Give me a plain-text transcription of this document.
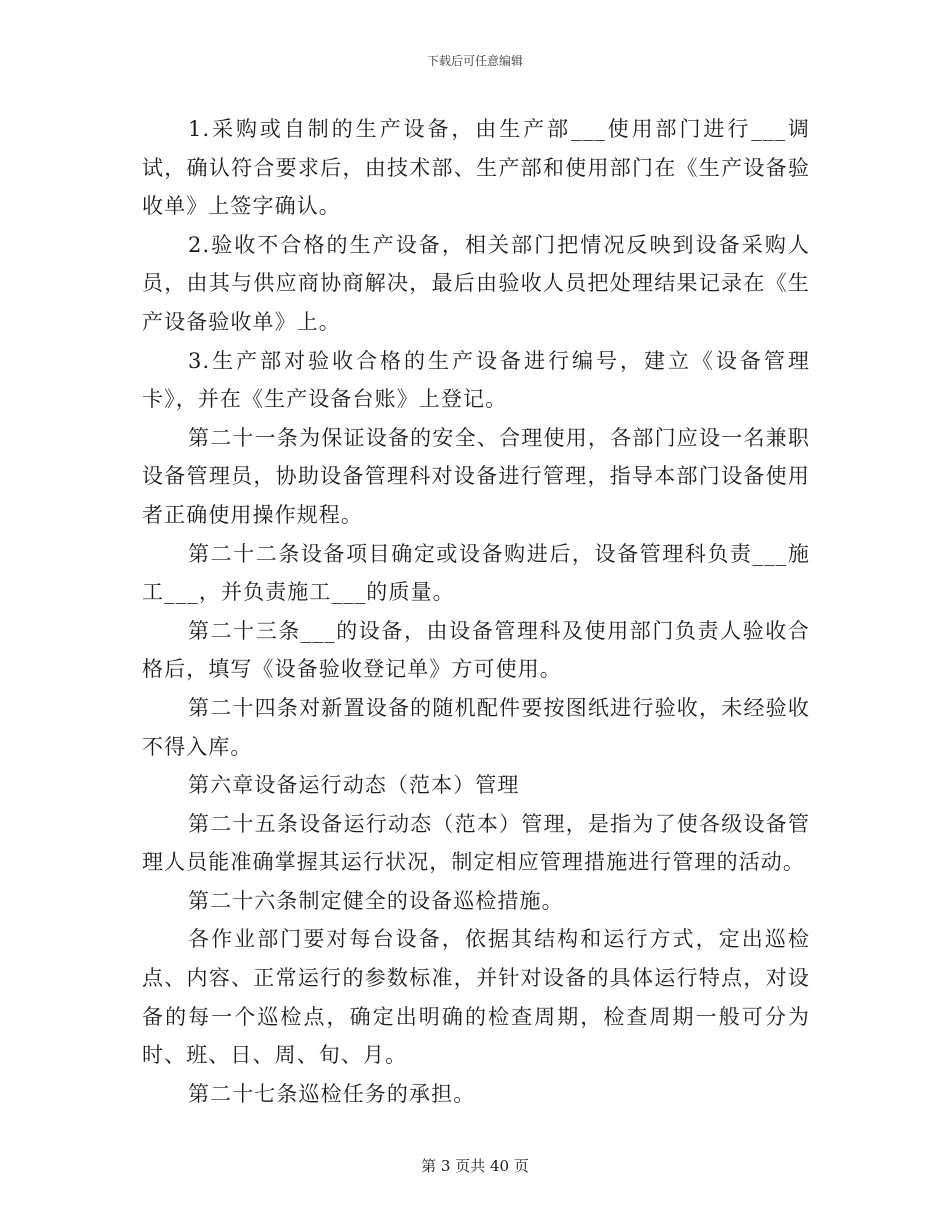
下载后可任意编辑

1.采购或自制的生产设备，由生产部___使用部门进行___调试，确认符合要求后，由技术部、生产部和使用部门在《生产设备验收单》上签字确认。

2.验收不合格的生产设备，相关部门把情况反映到设备采购人员，由其与供应商协商解决，最后由验收人员把处理结果记录在《生产设备验收单》上。

3.生产部对验收合格的生产设备进行编号，建立《设备管理卡》，并在《生产设备台账》上登记。

第二十一条为保证设备的安全、合理使用，各部门应设一名兼职设备管理员，协助设备管理科对设备进行管理，指导本部门设备使用者正确使用操作规程。

第二十二条设备项目确定或设备购进后，设备管理科负责___施工___，并负责施工___的质量。

第二十三条___的设备，由设备管理科及使用部门负责人验收合格后，填写《设备验收登记单》方可使用。

第二十四条对新置设备的随机配件要按图纸进行验收，未经验收不得入库。

第六章设备运行动态（范本）管理

第二十五条设备运行动态（范本）管理，是指为了使各级设备管理人员能准确掌握其运行状况，制定相应管理措施进行管理的活动。

第二十六条制定健全的设备巡检措施。

各作业部门要对每台设备，依据其结构和运行方式，定出巡检点、内容、正常运行的参数标准，并针对设备的具体运行特点，对设备的每一个巡检点，确定出明确的检查周期，检查周期一般可分为时、班、日、周、旬、月。

第二十七条巡检任务的承担。

第 3 页共 40 页
